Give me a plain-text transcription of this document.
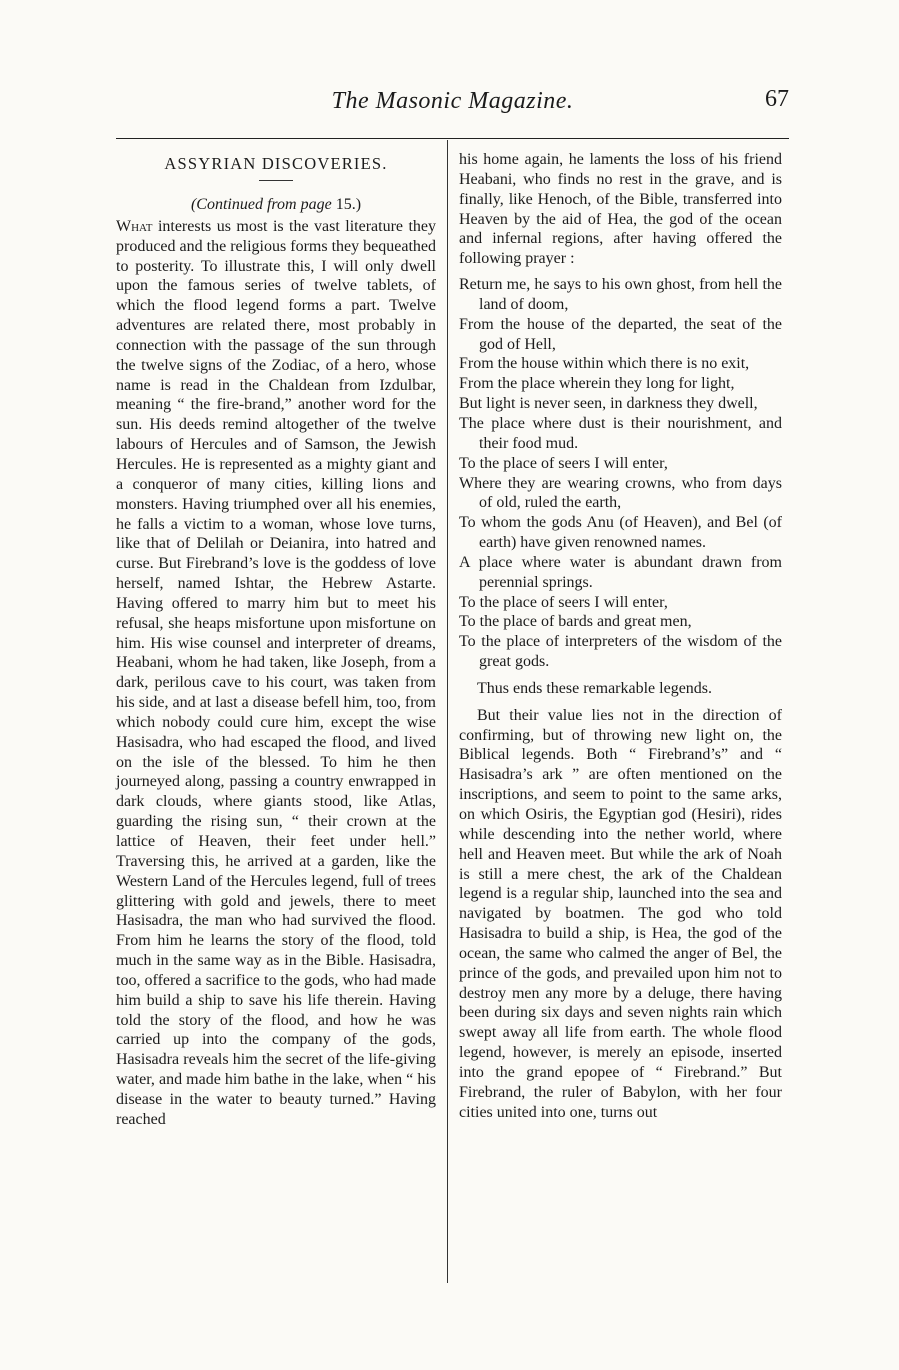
The Masonic Magazine.	67
ASSYRIAN DISCOVERIES.
(Continued from page 15.)

What interests us most is the vast literature they produced and the religious forms they bequeathed to posterity. To illustrate this, I will only dwell upon the famous series of twelve tablets, of which the flood legend forms a part. Twelve adventures are related there, most probably in connection with the passage of the sun through the twelve signs of the Zodiac, of a hero, whose name is read in the Chaldean from Izdulbar, meaning “ the fire-brand,” another word for the sun. His deeds remind altogether of the twelve labours of Hercules and of Samson, the Jewish Hercules. He is represented as a mighty giant and a conqueror of many cities, killing lions and monsters. Having triumphed over all his enemies, he falls a victim to a woman, whose love turns, like that of Delilah or Deianira, into hatred and curse. But Firebrand’s love is the goddess of love herself, named Ishtar, the Hebrew Astarte. Having offered to marry him but to meet his refusal, she heaps misfortune upon misfortune on him. His wise counsel and interpreter of dreams, Heabani, whom he had taken, like Joseph, from a dark, perilous cave to his court, was taken from his side, and at last a disease befell him, too, from which nobody could cure him, except the wise Hasisadra, who had escaped the flood, and lived on the isle of the blessed. To him he then journeyed along, passing a country enwrapped in dark clouds, where giants stood, like Atlas, guarding the rising sun, “ their crown at the lattice of Heaven, their feet under hell.” Traversing this, he arrived at a garden, like the Western Land of the Hercules legend, full of trees glittering with gold and jewels, there to meet Hasisadra, the man who had survived the flood. From him he learns the story of the flood, told much in the same way as in the Bible. Hasisadra, too, offered a sacrifice to the gods, who had made him build a ship to save his life therein. Having told the story of the flood, and how he was carried up into the company of the gods, Hasisadra reveals him the secret of the life-giving water, and made him bathe in the lake, when “ his disease in the water to beauty turned.” Having reached

his home again, he laments the loss of his friend Heabani, who finds no rest in the grave, and is finally, like Henoch, of the Bible, transferred into Heaven by the aid of Hea, the god of the ocean and infernal regions, after having offered the following prayer :

Return me, he says to his own ghost, from hell the land of doom,
From the house of the departed, the seat of the god of Hell,
From the house within which there is no exit,
From the place wherein they long for light,
But light is never seen, in darkness they dwell,
The place where dust is their nourishment, and their food mud.
To the place of seers I will enter,
Where they are wearing crowns, who from days of old, ruled the earth,
To whom the gods Anu (of Heaven), and Bel (of earth) have given renowned names.
A place where water is abundant drawn from perennial springs.
To the place of seers I will enter,
To the place of bards and great men,
To the place of interpreters of the wisdom of the great gods.

Thus ends these remarkable legends.

But their value lies not in the direction of confirming, but of throwing new light on, the Biblical legends. Both “ Firebrand’s” and “ Hasisadra’s ark ” are often mentioned on the inscriptions, and seem to point to the same arks, on which Osiris, the Egyptian god (Hesiri), rides while descending into the nether world, where hell and Heaven meet. But while the ark of Noah is still a mere chest, the ark of the Chaldean legend is a regular ship, launched into the sea and navigated by boatmen. The god who told Hasisadra to build a ship, is Hea, the god of the ocean, the same who calmed the anger of Bel, the prince of the gods, and prevailed upon him not to destroy men any more by a deluge, there having been during six days and seven nights rain which swept away all life from earth. The whole flood legend, however, is merely an episode, inserted into the grand epopee of “ Firebrand.” But Firebrand, the ruler of Babylon, with her four cities united into one, turns out
